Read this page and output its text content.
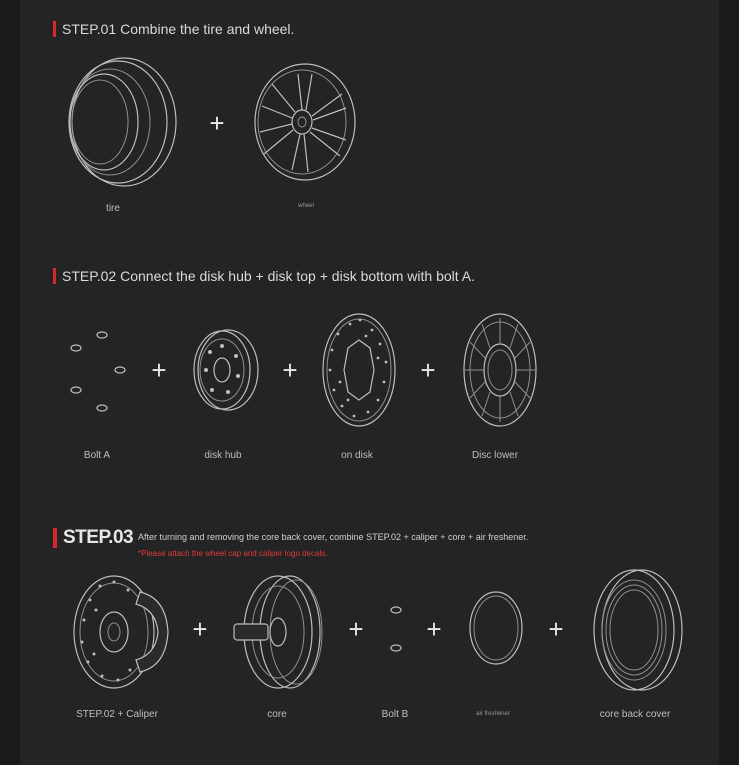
STEP.01 Combine the tire and wheel.
tire
+
wheel
STEP.02 Connect the disk hub + disk top + disk bottom with bolt A.
Bolt A
+
disk hub
+
on disk
+
Disc lower
STEP.03 After turning and removing the core back cover, combine STEP.02 + caliper + core + air freshener.
*Please attach the wheel cap and caliper logo decals.
STEP.02 + Caliper
+
core
+
Bolt B
+
air freshener
+
core back cover
